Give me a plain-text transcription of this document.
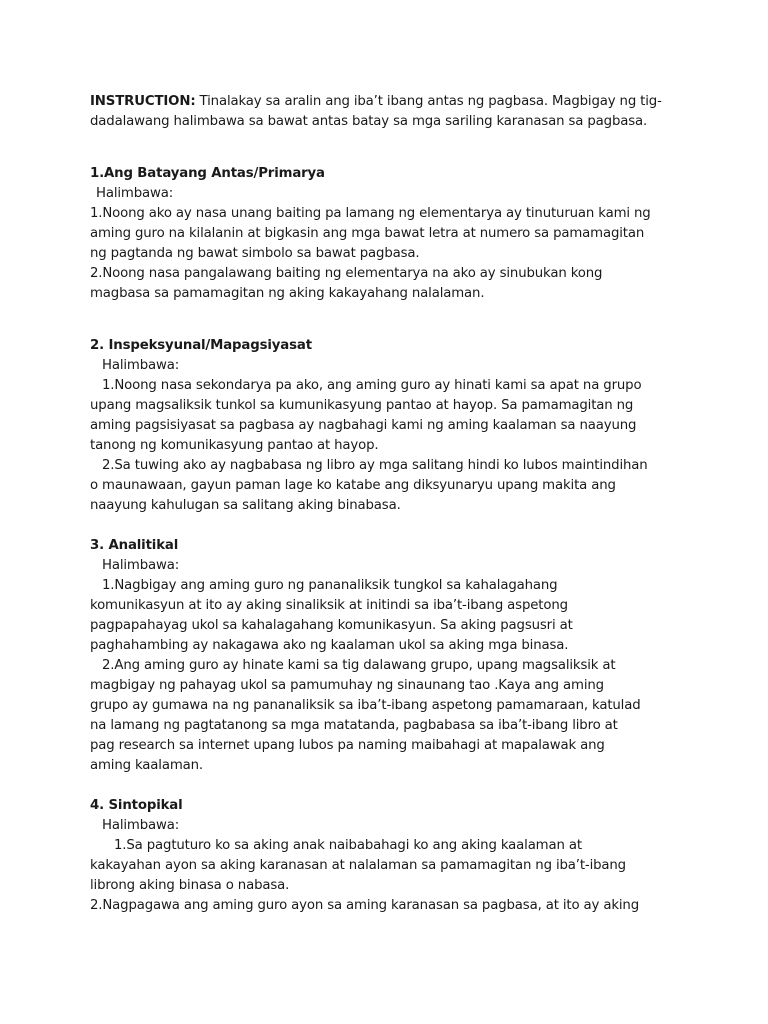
INSTRUCTION: Tinalakay sa aralin ang iba’t ibang antas ng pagbasa. Magbigay ng tig-
dadalawang halimbawa sa bawat antas batay sa mga sariling karanasan sa pagbasa.

1.Ang Batayang Antas/Primarya

Halimbawa:

1.Noong ako ay nasa unang baiting pa lamang ng elementarya ay tinuturuan kami ng

aming guro na kilalanin at bigkasin ang mga bawat letra at numero sa pamamagitan

ng pagtanda ng bawat simbolo sa bawat pagbasa.

2.Noong nasa pangalawang baiting ng elementarya na ako ay sinubukan kong

magbasa sa pamamagitan ng aking kakayahang nalalaman.

2. Inspeksyunal/Mapagsiyasat

Halimbawa:

1.Noong nasa sekondarya pa ako, ang aming guro ay hinati kami sa apat na grupo

upang magsaliksik tunkol sa kumunikasyung pantao at hayop. Sa pamamagitan ng

aming pagsisiyasat sa pagbasa ay nagbahagi kami ng aming kaalaman sa naayung

tanong ng komunikasyung pantao at hayop.

2.Sa tuwing ako ay nagbabasa ng libro ay mga salitang hindi ko lubos maintindihan

o maunawaan, gayun paman lage ko katabe ang diksyunaryu upang makita ang

naayung kahulugan sa salitang aking binabasa.

3. Analitikal

Halimbawa:

1.Nagbigay ang aming guro ng pananaliksik tungkol sa kahalagahang

komunikasyun at ito ay aking sinaliksik at initindi sa iba’t-ibang aspetong

pagpapahayag ukol sa kahalagahang komunikasyun. Sa aking pagsusri at

paghahambing ay nakagawa ako ng kaalaman ukol sa aking mga binasa.

2.Ang aming guro ay hinate kami sa tig dalawang grupo, upang magsaliksik at

magbigay ng pahayag ukol sa pamumuhay ng sinaunang tao .Kaya ang aming

grupo ay gumawa na ng pananaliksik sa iba’t-ibang aspetong pamamaraan, katulad

na lamang ng pagtatanong sa mga matatanda, pagbabasa sa iba’t-ibang libro at

pag research sa internet upang lubos pa naming maibahagi at mapalawak ang

aming kaalaman.

4. Sintopikal

Halimbawa:

1.Sa pagtuturo ko sa aking anak naibabahagi ko ang aking kaalaman at

kakayahan ayon sa aking karanasan at nalalaman sa pamamagitan ng iba’t-ibang

librong aking binasa o nabasa.

2.Nagpagawa ang aming guro ayon sa aming karanasan sa pagbasa, at ito ay aking
